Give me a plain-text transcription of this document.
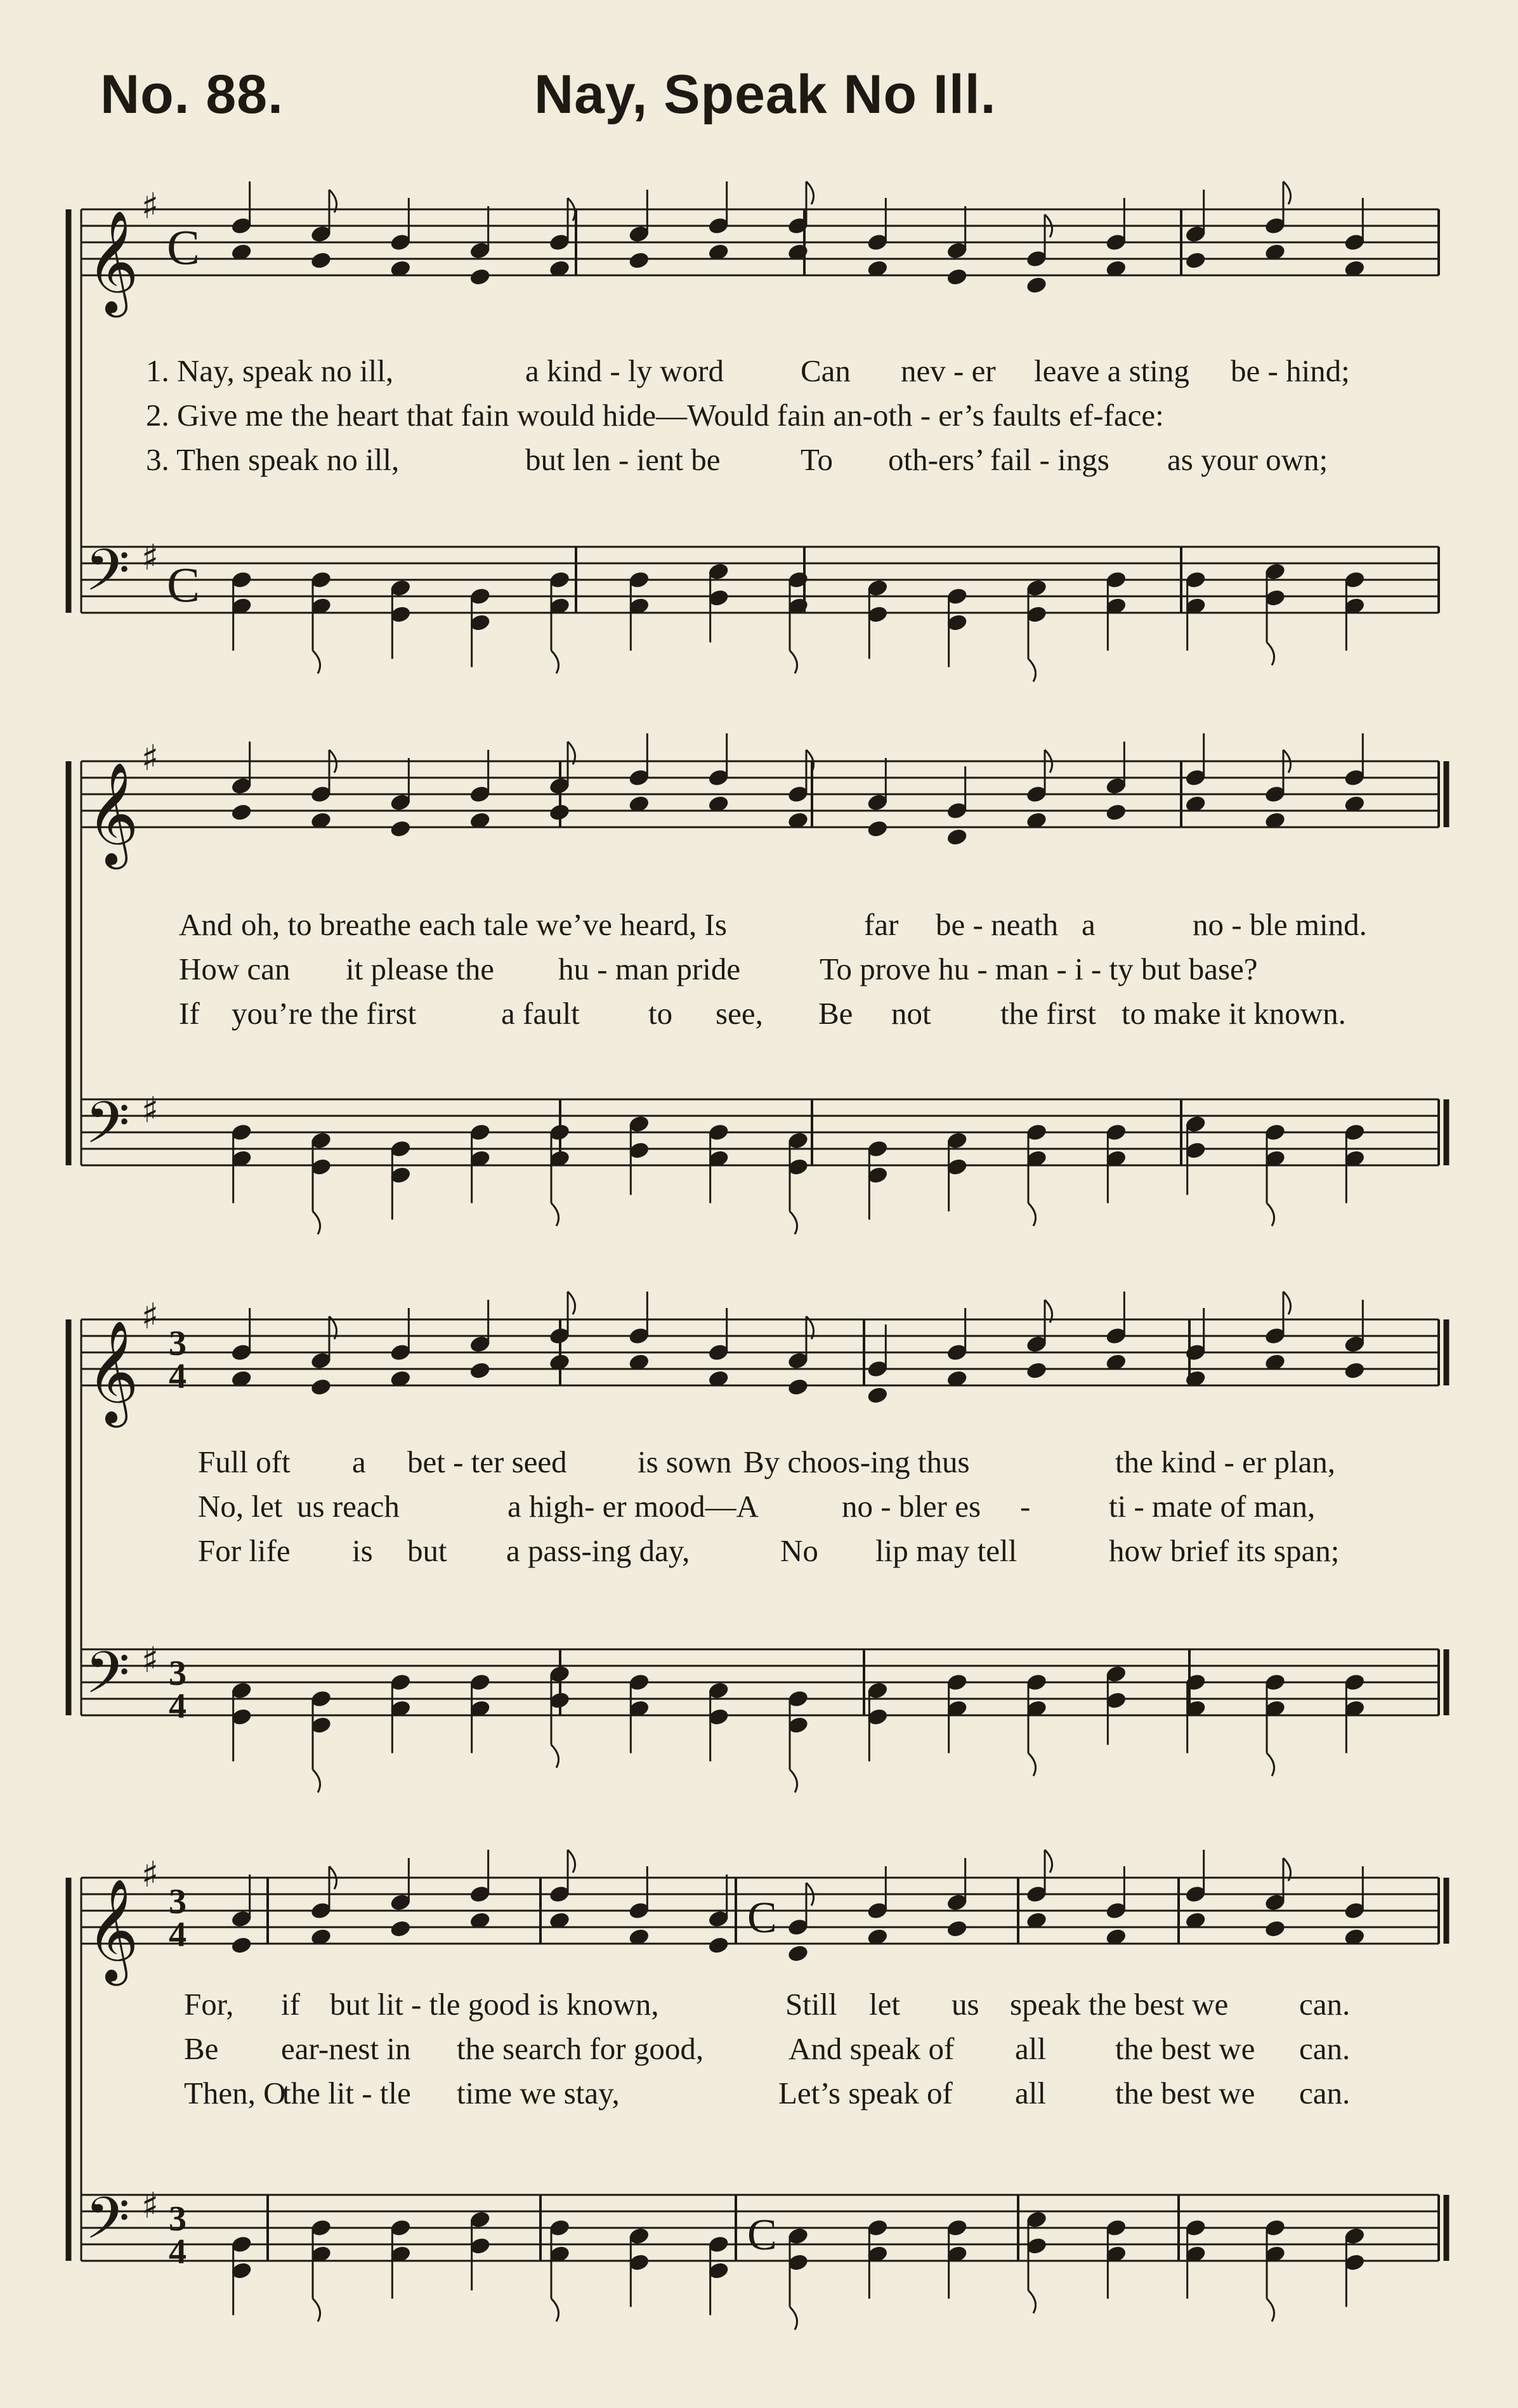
No. 88.	Nay, Speak No Ill.
𝄞
♯
C
𝄢 ♯ C
1. Nay, speak no ill,	a kind - ly word Can nev - er leave a sting be - hind;
2. Give me the heart that fain would hide—Would fain an-oth - er’s faults ef-face:
3. Then speak no ill,	but len - ient be	To oth-ers’ fail - ings as your own;
𝄞
♯
𝄢 ♯
And oh, to breathe each tale we’ve heard, Is	far be - neath a	no - ble mind.
How can it please the hu - man pride	To prove hu - man - i - ty but base?
If you’re the first	a fault to see, Be not the first to make it known.
𝄞
♯
3
4
𝄢 ♯ 3
4
Full oft a bet - ter seed is sown By choos-ing thus	the kind - er plan,
No, let us reach	a high- er mood—A	no - bler es -	ti - mate of man,
For life is but a pass-ing day,	No lip may tell	how brief its span;
𝄞
♯
3
4	C
𝄢 ♯ 3
4	C
For, if but lit - tle good is known,	Still let us speak the best we can.
Be ear-nest in the search for good,	And speak of all the best we can.
Then, O
the lit - tle time we stay,	Let’s speak of all the best we can.
